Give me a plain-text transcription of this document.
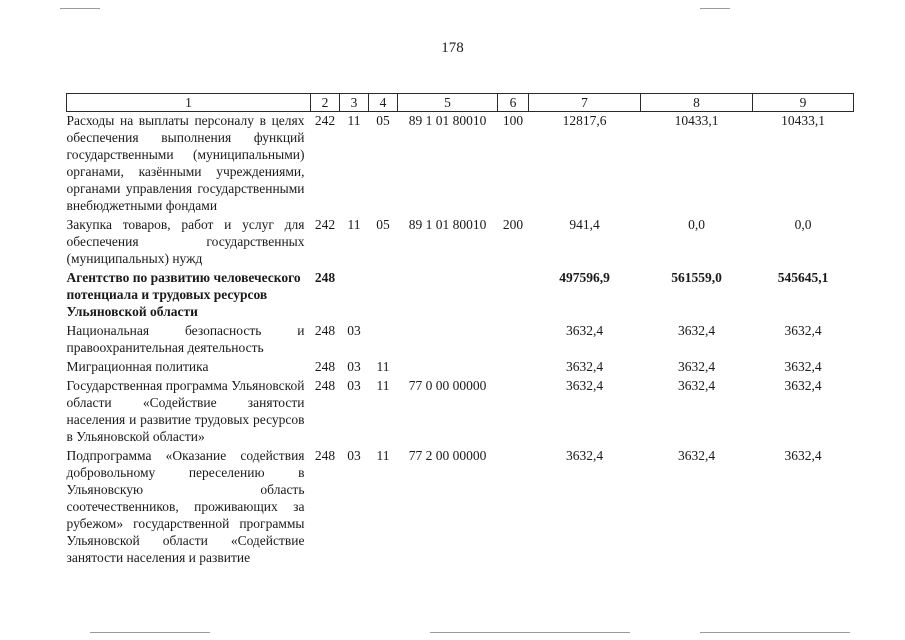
178
1	2	3	4	5	6	7	8	9
Расходы на выплаты персоналу в целях обеспечения выполнения функций государственными (муниципальными) органами, казёнными учреждениями, органами управления государственными внебюджетными фондами	242	11	05	89 1 01 80010	100	12817,6	10433,1	10433,1
Закупка товаров, работ и услуг для обеспечения государственных (муниципальных) нужд	242	11	05	89 1 01 80010	200	941,4	0,0	0,0
Агентство по развитию человеческого потенциала и трудовых ресурсов Ульяновской области	248					497596,9	561559,0	545645,1
Национальная безопасность и правоохранительная деятельность	248	03				3632,4	3632,4	3632,4
Миграционная политика	248	03	11			3632,4	3632,4	3632,4
Государственная программа Ульяновской области «Содействие занятости населения и развитие трудовых ресурсов в Ульяновской области»	248	03	11	77 0 00 00000		3632,4	3632,4	3632,4
Подпрограмма «Оказание содействия добровольному переселению в Ульяновскую область соотечественников, проживающих за рубежом» государственной программы Ульяновской области «Содействие занятости населения и развитие	248	03	11	77 2 00 00000		3632,4	3632,4	3632,4
